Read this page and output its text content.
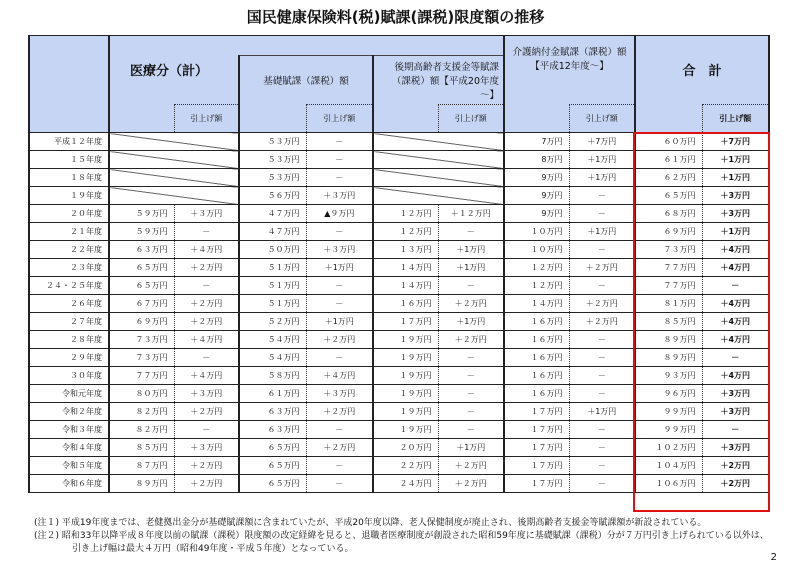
国民健康保険料(税)賦課(課税)限度額の推移
	医療分（計）						介護納付金賦課（課税）額【平成12年度～】		合　計	
			基礎賦課（課税）額		後期高齢者支援金等賦課（課税）額【平成20年度～】					
		引上げ額		引上げ額		引上げ額		引上げ額		引上げ額
平成１２年度			５３万円	－			7万円	＋7万円	６０万円	＋7万円
１５年度			５３万円	－			8万円	＋1万円	６１万円	＋1万円
１８年度			５３万円	－			9万円	＋1万円	６２万円	＋1万円
１９年度			５６万円	＋３万円			9万円	－	６５万円	＋3万円
２０年度	５９万円	＋３万円	４７万円	▲９万円	１２万円	＋１２万円	9万円	－	６８万円	＋3万円
２１年度	５９万円	－	４７万円	－	１２万円	－	１０万円	＋1万円	６９万円	＋1万円
２２年度	６３万円	＋４万円	５０万円	＋３万円	１３万円	＋1万円	１０万円	－	７３万円	＋4万円
２３年度	６５万円	＋２万円	５１万円	＋1万円	１４万円	＋1万円	１２万円	＋２万円	７７万円	＋4万円
２４・２５年度	６５万円	－	５１万円	－	１４万円	－	１２万円	－	７７万円	－
２６年度	６７万円	＋２万円	５１万円	－	１６万円	＋２万円	１４万円	＋２万円	８１万円	＋4万円
２７年度	６９万円	＋２万円	５２万円	＋1万円	１７万円	＋1万円	１６万円	＋２万円	８５万円	＋4万円
２８年度	７３万円	＋４万円	５４万円	＋２万円	１９万円	＋２万円	１６万円	－	８９万円	＋4万円
２９年度	７３万円	－	５４万円	－	１９万円	－	１６万円	－	８９万円	－
３０年度	７７万円	＋４万円	５８万円	＋４万円	１９万円	－	１６万円	－	９３万円	＋4万円
令和元年度	８０万円	＋３万円	６１万円	＋３万円	１９万円	－	１６万円	－	９６万円	＋3万円
令和２年度	８２万円	＋２万円	６３万円	＋２万円	１９万円	－	１７万円	＋1万円	９９万円	＋3万円
令和３年度	８２万円	－	６３万円	－	１９万円	－	１７万円	－	９９万円	－
令和４年度	８５万円	＋３万円	６５万円	＋２万円	２０万円	＋1万円	１７万円	－	１０２万円	＋3万円
令和５年度	８７万円	＋２万円	６５万円	－	２２万円	＋２万円	１７万円	－	１０４万円	＋2万円
令和６年度	８９万円	＋２万円	６５万円	－	２４万円	＋２万円	１７万円	－	１０６万円	＋2万円
(注１) 平成19年度までは、老健拠出金分が基礎賦課額に含まれていたが、平成20年度以降、老人保健制度が廃止され、後期高齢者支援金等賦課額が新設されている。
(注２) 昭和33年以降平成８年度以前の賦課（課税）限度額の改定経緯を見ると、退職者医療制度が創設された昭和59年度に基礎賦課（課税）分が７万円引き上げられている以外は、引き上げ幅は最大４万円（昭和49年度・平成５年度）となっている。
2
